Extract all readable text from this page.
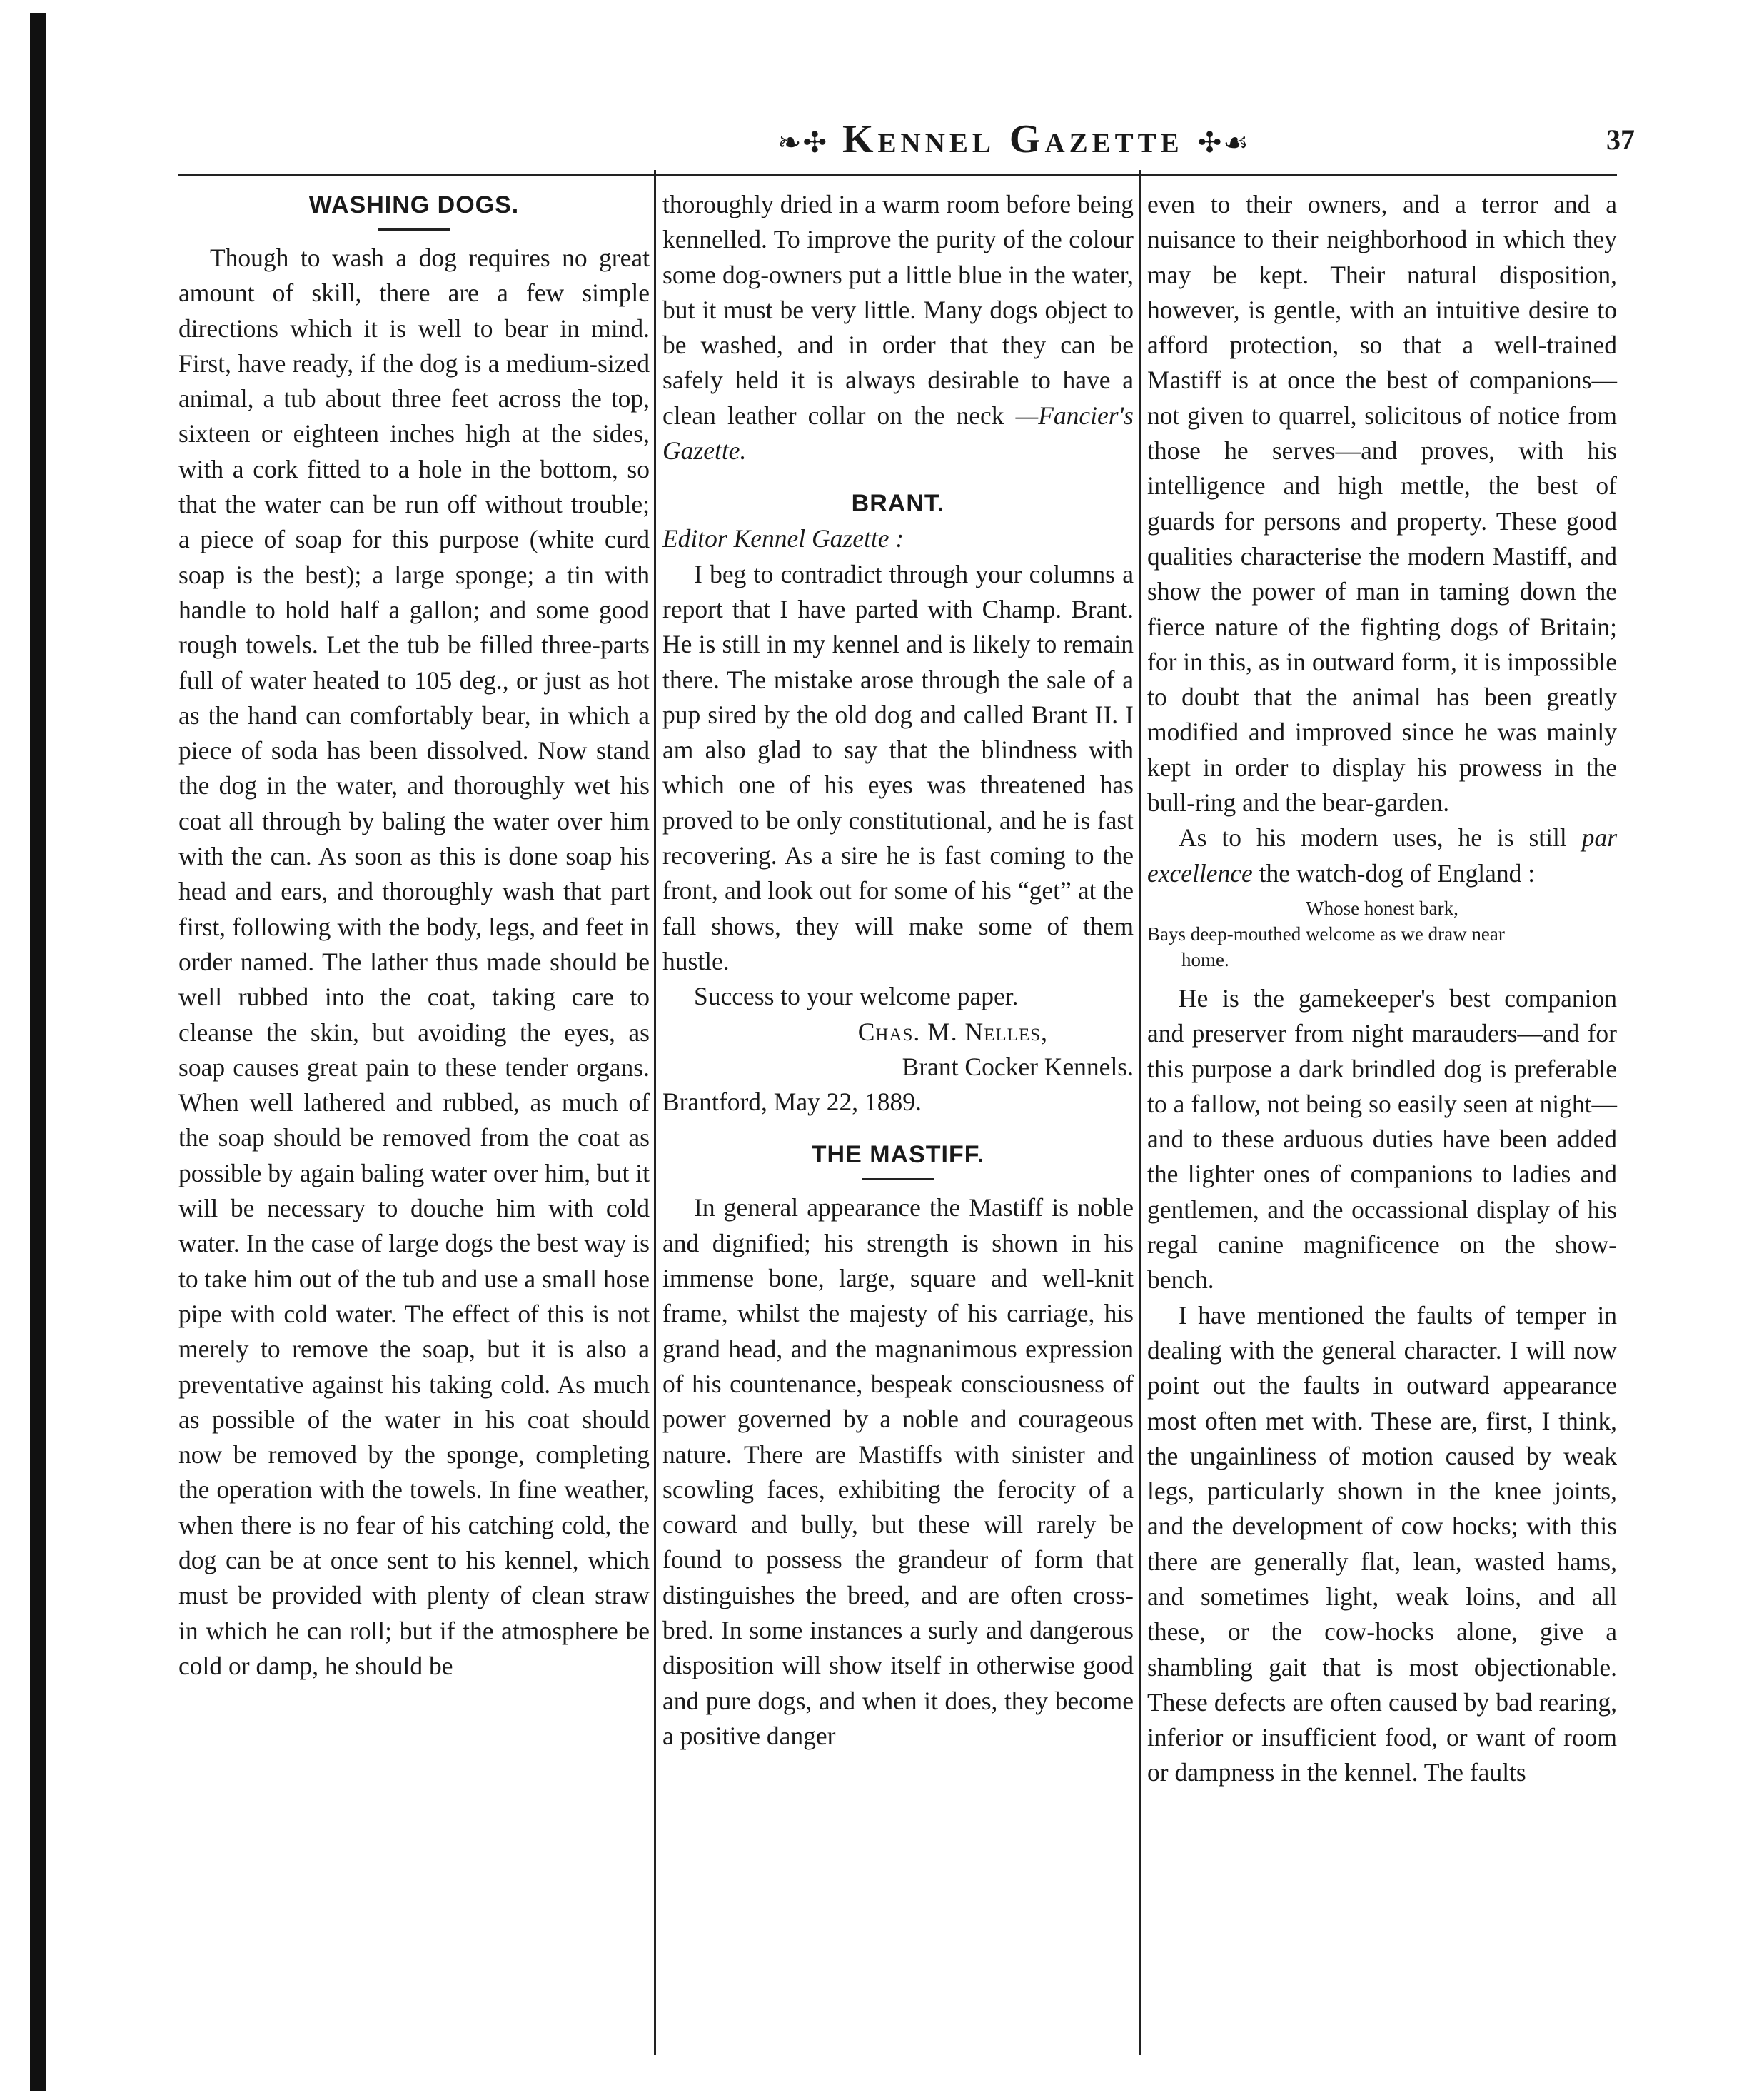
❧✣ Kennel Gazette ✣☙	37
WASHING DOGS.

Though to wash a dog requires no great amount of skill, there are a few simple directions which it is well to bear in mind. First, have ready, if the dog is a medium-sized animal, a tub about three feet across the top, sixteen or eighteen inches high at the sides, with a cork fitted to a hole in the bottom, so that the water can be run off without trouble; a piece of soap for this purpose (white curd soap is the best); a large sponge; a tin with handle to hold half a gallon; and some good rough towels. Let the tub be filled three-parts full of water heated to 105 deg., or just as hot as the hand can comfortably bear, in which a piece of soda has been dissolved. Now stand the dog in the water, and thoroughly wet his coat all through by baling the water over him with the can. As soon as this is done soap his head and ears, and thoroughly wash that part first, following with the body, legs, and feet in order named. The lather thus made should be well rubbed into the coat, taking care to cleanse the skin, but avoiding the eyes, as soap causes great pain to these tender organs. When well lathered and rubbed, as much of the soap should be removed from the coat as possible by again baling water over him, but it will be necessary to douche him with cold water. In the case of large dogs the best way is to take him out of the tub and use a small hose pipe with cold water. The effect of this is not merely to remove the soap, but it is also a preventative against his taking cold. As much as possible of the water in his coat should now be removed by the sponge, completing the operation with the towels. In fine weather, when there is no fear of his catching cold, the dog can be at once sent to his kennel, which must be provided with plenty of clean straw in which he can roll; but if the atmosphere be cold or damp, he should be

thoroughly dried in a warm room before being kennelled. To improve the purity of the colour some dog-owners put a little blue in the water, but it must be very little. Many dogs object to be washed, and in order that they can be safely held it is always desirable to have a clean leather collar on the neck —Fancier's Gazette.

BRANT.

Editor Kennel Gazette :

I beg to contradict through your columns a report that I have parted with Champ. Brant. He is still in my kennel and is likely to remain there. The mistake arose through the sale of a pup sired by the old dog and called Brant II. I am also glad to say that the blindness with which one of his eyes was threatened has proved to be only constitutional, and he is fast recovering. As a sire he is fast coming to the front, and look out for some of his “get” at the fall shows, they will make some of them hustle.

Success to your welcome paper.

Chas. M. Nelles,
Brant Cocker Kennels.

Brantford, May 22, 1889.

THE MASTIFF.

In general appearance the Mastiff is noble and dignified; his strength is shown in his immense bone, large, square and well-knit frame, whilst the majesty of his carriage, his grand head, and the magnanimous expression of his countenance, bespeak consciousness of power governed by a noble and courageous nature. There are Mastiffs with sinister and scowling faces, exhibiting the ferocity of a coward and bully, but these will rarely be found to possess the grandeur of form that distinguishes the breed, and are often cross-bred. In some instances a surly and dangerous disposition will show itself in otherwise good and pure dogs, and when it does, they become a positive danger

even to their owners, and a terror and a nuisance to their neighborhood in which they may be kept. Their natural disposition, however, is gentle, with an intuitive desire to afford protection, so that a well-trained Mastiff is at once the best of companions—not given to quarrel, solicitous of notice from those he serves—and proves, with his intelligence and high mettle, the best of guards for persons and property. These good qualities characterise the modern Mastiff, and show the power of man in taming down the fierce nature of the fighting dogs of Britain; for in this, as in outward form, it is impossible to doubt that the animal has been greatly modified and improved since he was mainly kept in order to display his prowess in the bull-ring and the bear-garden.

As to his modern uses, he is still par excellence the watch-dog of England :

Whose honest bark,
Bays deep-mouthed welcome as we draw near
home.

He is the gamekeeper's best companion and preserver from night marauders—and for this purpose a dark brindled dog is preferable to a fallow, not being so easily seen at night—and to these arduous duties have been added the lighter ones of companions to ladies and gentlemen, and the occassional display of his regal canine magnificence on the show-bench.

I have mentioned the faults of temper in dealing with the general character. I will now point out the faults in outward appearance most often met with. These are, first, I think, the ungainliness of motion caused by weak legs, particularly shown in the knee joints, and the development of cow hocks; with this there are generally flat, lean, wasted hams, and sometimes light, weak loins, and all these, or the cow-hocks alone, give a shambling gait that is most objectionable. These defects are often caused by bad rearing, inferior or insufficient food, or want of room or dampness in the kennel. The faults
